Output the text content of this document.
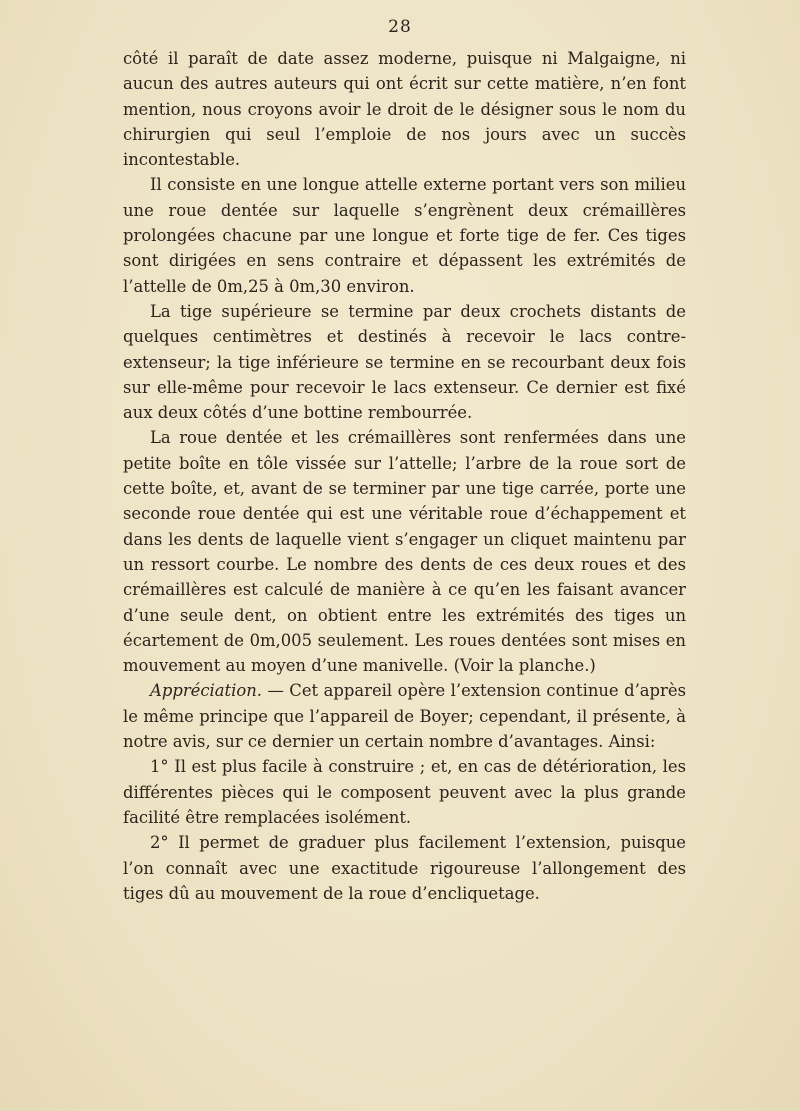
28

côté il paraît de date assez moderne, puisque ni Malgaigne, ni aucun des autres auteurs qui ont écrit sur cette matière, n’en font mention, nous croyons avoir le droit de le désigner sous le nom du chirurgien qui seul l’emploie de nos jours avec un succès incontestable.

Il consiste en une longue attelle externe portant vers son milieu une roue dentée sur laquelle s’engrènent deux crémaillères prolongées chacune par une longue et forte tige de fer. Ces tiges sont dirigées en sens contraire et dépassent les extrémités de l’attelle de 0m,25 à 0m,30 environ.

La tige supérieure se termine par deux crochets distants de quelques centimètres et destinés à recevoir le lacs contre-extenseur; la tige inférieure se termine en se recourbant deux fois sur elle-même pour recevoir le lacs extenseur. Ce dernier est fixé aux deux côtés d’une bottine rembourrée.

La roue dentée et les crémaillères sont renfermées dans une petite boîte en tôle vissée sur l’attelle; l’arbre de la roue sort de cette boîte, et, avant de se terminer par une tige carrée, porte une seconde roue dentée qui est une véritable roue d’échappement et dans les dents de laquelle vient s’engager un cliquet maintenu par un ressort courbe. Le nombre des dents de ces deux roues et des crémaillères est calculé de manière à ce qu’en les faisant avancer d’une seule dent, on obtient entre les extrémités des tiges un écartement de 0m,005 seulement. Les roues dentées sont mises en mouvement au moyen d’une manivelle. (Voir la planche.)

Appréciation. — Cet appareil opère l’extension continue d’après le même principe que l’appareil de Boyer; cependant, il présente, à notre avis, sur ce dernier un certain nombre d’avantages. Ainsi:

1° Il est plus facile à construire ; et, en cas de détérioration, les différentes pièces qui le composent peuvent avec la plus grande facilité être remplacées isolément.

2° Il permet de graduer plus facilement l’extension, puisque l’on connaît avec une exactitude rigoureuse l’allongement des tiges dû au mouvement de la roue d’encliquetage.
